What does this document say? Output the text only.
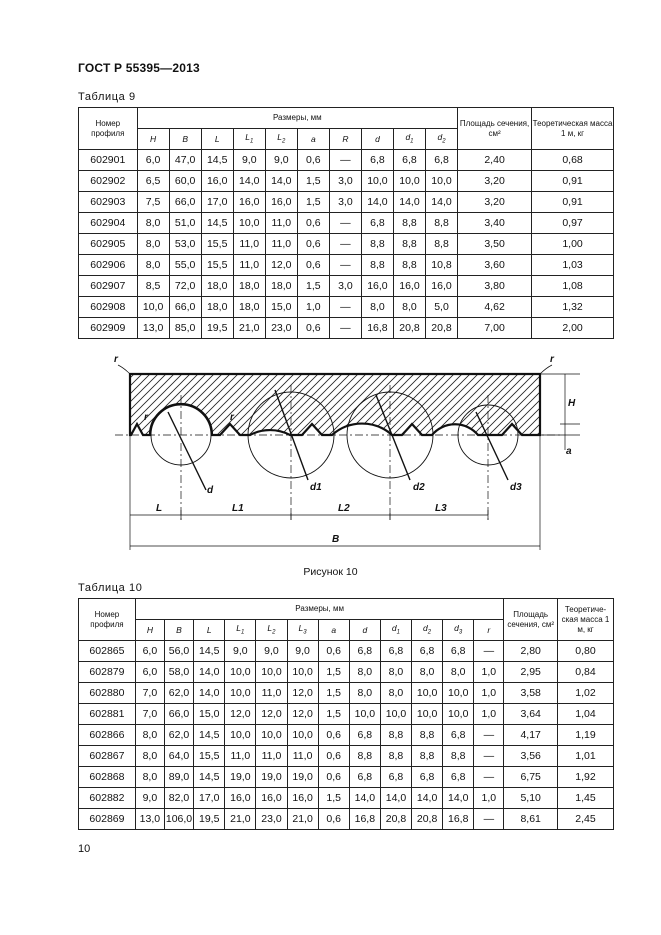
ГОСТ Р 55395—2013
Таблица 9
Номер профиля	Размеры, мм										Площадь сечения, см²	Теоретическая масса 1 м, кг
	H	B	L	$L_1$	$L_2$	a	R	d	$d_1$	$d_2$
602901	6,0	47,0	14,5	9,0	9,0	0,6	—	6,8	6,8	6,8	2,40	0,68
602902	6,5	60,0	16,0	14,0	14,0	1,5	3,0	10,0	10,0	10,0	3,20	0,91
602903	7,5	66,0	17,0	16,0	16,0	1,5	3,0	14,0	14,0	14,0	3,20	0,91
602904	8,0	51,0	14,5	10,0	11,0	0,6	—	6,8	8,8	8,8	3,40	0,97
602905	8,0	53,0	15,5	11,0	11,0	0,6	—	8,8	8,8	8,8	3,50	1,00
602906	8,0	55,0	15,5	11,0	12,0	0,6	—	8,8	8,8	10,8	3,60	1,03
602907	8,5	72,0	18,0	18,0	18,0	1,5	3,0	16,0	16,0	16,0	3,80	1,08
602908	10,0	66,0	18,0	18,0	15,0	1,0	—	8,0	8,0	5,0	4,62	1,32
602909	13,0	85,0	19,5	21,0	23,0	0,6	—	16,8	20,8	20,8	7,00	2,00
r	r
r	r
H
a
d	d1	d2	d3
L	L1	L2	L3
B
Рисунок 10
Таблица 10
Номер профиля	Размеры, мм												Площадь сечения, см²	Теоретиче-ская масса 1 м, кг
	H	B	L	$L_1$	$L_2$	$L_3$	a	d	$d_1$	$d_2$	$d_3$	r		
602865	6,0	56,0	14,5	9,0	9,0	9,0	0,6	6,8	6,8	6,8	6,8	—	2,80	0,80
602879	6,0	58,0	14,0	10,0	10,0	10,0	1,5	8,0	8,0	8,0	8,0	1,0	2,95	0,84
602880	7,0	62,0	14,0	10,0	11,0	12,0	1,5	8,0	8,0	10,0	10,0	1,0	3,58	1,02
602881	7,0	66,0	15,0	12,0	12,0	12,0	1,5	10,0	10,0	10,0	10,0	1,0	3,64	1,04
602866	8,0	62,0	14,5	10,0	10,0	10,0	0,6	6,8	8,8	8,8	6,8	—	4,17	1,19
602867	8,0	64,0	15,5	11,0	11,0	11,0	0,6	8,8	8,8	8,8	8,8	—	3,56	1,01
602868	8,0	89,0	14,5	19,0	19,0	19,0	0,6	6,8	6,8	6,8	6,8	—	6,75	1,92
602882	9,0	82,0	17,0	16,0	16,0	16,0	1,5	14,0	14,0	14,0	14,0	1,0	5,10	1,45
602869	13,0	106,0	19,5	21,0	23,0	21,0	0,6	16,8	20,8	20,8	16,8	—	8,61	2,45
10
